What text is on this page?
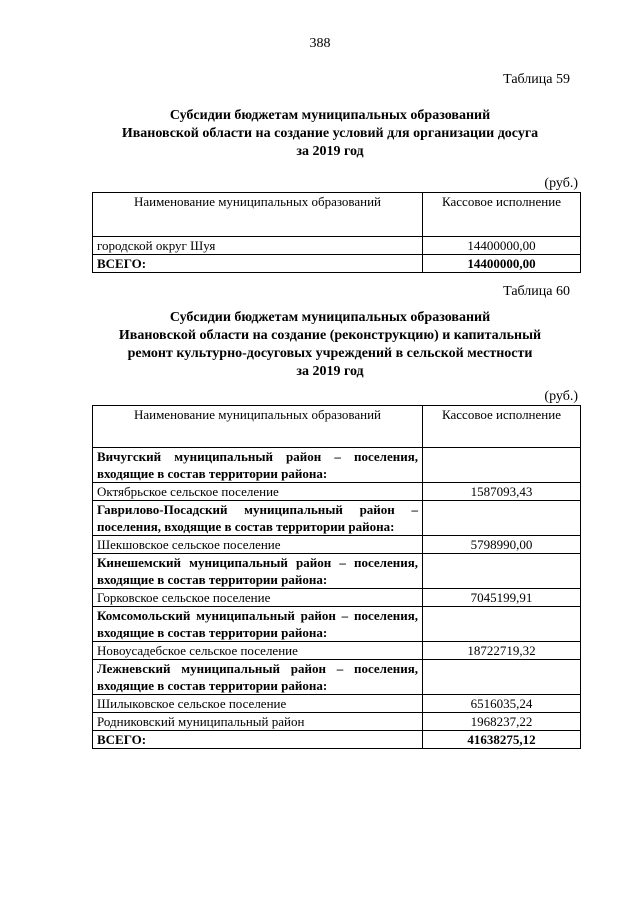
388
Таблица 59
Субсидии бюджетам муниципальных образований
Ивановской области на создание условий для организации досуга
за 2019 год
(руб.)
Наименование муниципальных образований	Кассовое исполнение
городской округ Шуя	14400000,00
ВСЕГО:	14400000,00
Таблица 60
Субсидии бюджетам муниципальных образований
Ивановской области на создание (реконструкцию) и капитальный
ремонт культурно-досуговых учреждений в сельской местности
за 2019 год
(руб.)
Наименование муниципальных образований	Кассовое исполнение
Вичугский муниципальный район – поселения, входящие в состав территории района:	
Октябрьское сельское поселение	1587093,43
Гаврилово-Посадский муниципальный район – поселения, входящие в состав территории района:	
Шекшовское сельское поселение	5798990,00
Кинешемский муниципальный район – поселения, входящие в состав территории района:	
Горковское сельское поселение	7045199,91
Комсомольский муниципальный район – поселения, входящие в состав территории района:	
Новоусадебское сельское поселение	18722719,32
Лежневский муниципальный район – поселения, входящие в состав территории района:	
Шилыковское сельское поселение	6516035,24
Родниковский муниципальный район	1968237,22
ВСЕГО:	41638275,12
